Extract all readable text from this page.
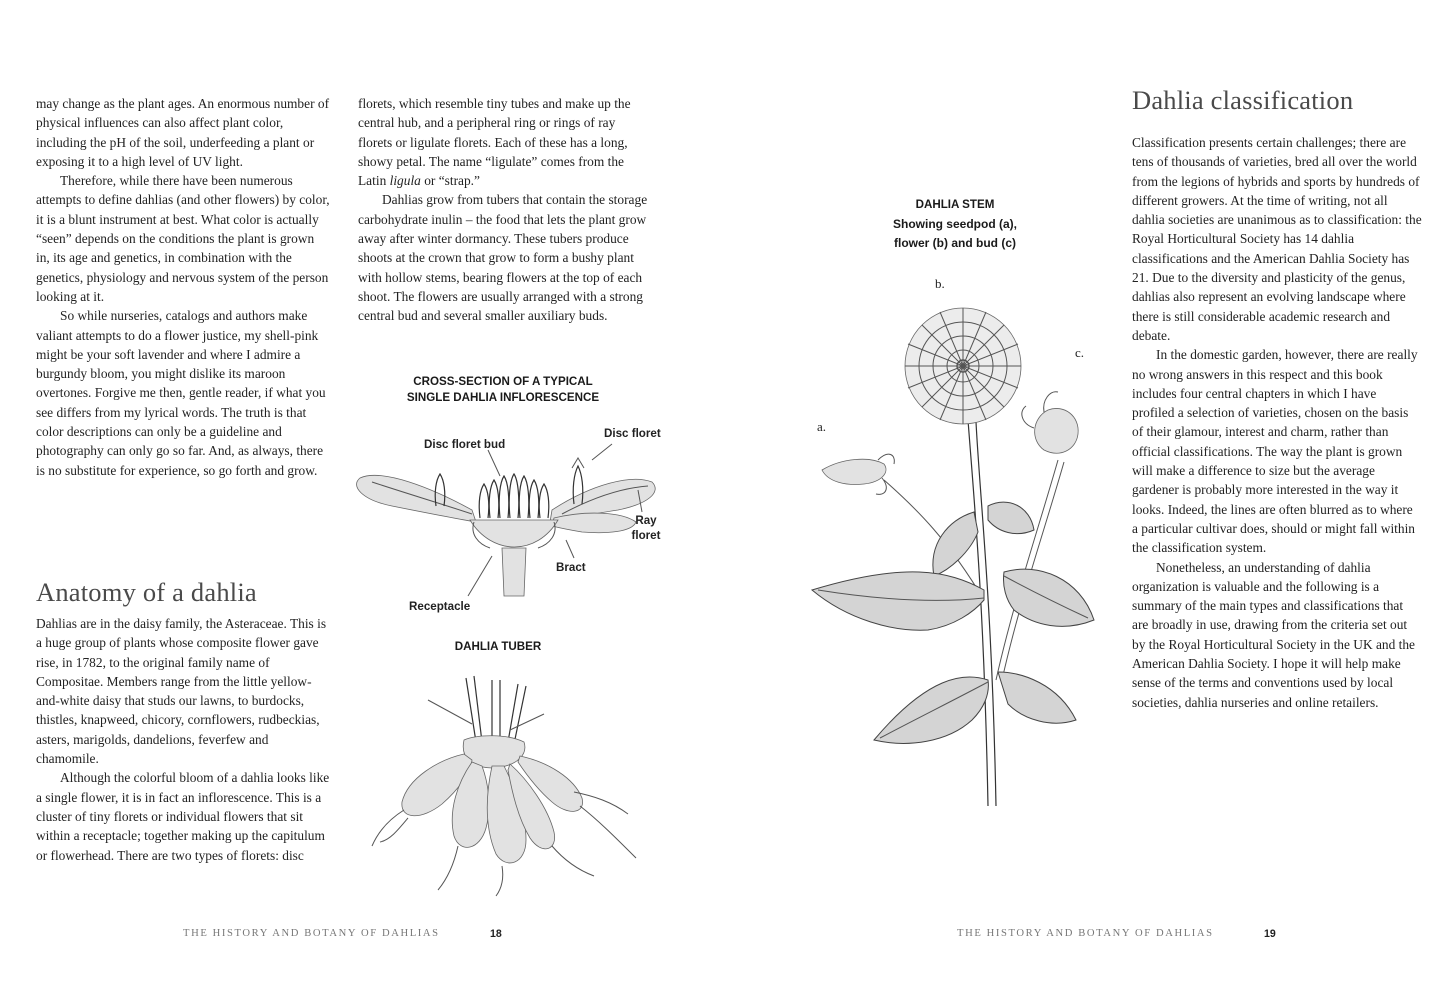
may change as the plant ages. An enormous number of physical influences can also affect plant color, including the pH of the soil, underfeeding a plant or exposing it to a high level of UV light.

Therefore, while there have been numerous attempts to define dahlias (and other flowers) by color, it is a blunt instrument at best. What color is actually “seen” depends on the conditions the plant is grown in, its age and genetics, in combination with the genetics, physiology and nervous system of the person looking at it.

So while nurseries, catalogs and authors make valiant attempts to do a flower justice, my shell-pink might be your soft lavender and where I admire a burgundy bloom, you might dislike its maroon overtones. Forgive me then, gentle reader, if what you see differs from my lyrical words. The truth is that color descriptions can only be a guideline and photography can only go so far. And, as always, there is no substitute for experience, so go forth and grow.

Anatomy of a dahlia

Dahlias are in the daisy family, the Asteraceae. This is a huge group of plants whose composite flower gave rise, in 1782, to the original family name of Compositae. Members range from the little yellow-and-white daisy that studs our lawns, to burdocks, thistles, knapweed, chicory, cornflowers, rudbeckias, asters, marigolds, dandelions, feverfew and chamomile.

Although the colorful bloom of a dahlia looks like a single flower, it is in fact an inflorescence. This is a cluster of tiny florets or individual flowers that sit within a receptacle; together making up the capitulum or flowerhead. There are two types of florets: disc

florets, which resemble tiny tubes and make up the central hub, and a peripheral ring or rings of ray florets or ligulate florets. Each of these has a long, showy petal. The name “ligulate” comes from the Latin ligula or “strap.”

Dahlias grow from tubers that contain the storage carbohydrate inulin – the food that lets the plant grow away after winter dormancy. These tubers produce shoots at the crown that grow to form a bushy plant with hollow stems, bearing flowers at the top of each shoot. The flowers are usually arranged with a strong central bud and several smaller auxiliary buds.

CROSS-SECTION OF A TYPICAL
SINGLE DAHLIA INFLORESCENCE
Disc floret bud
Disc floret
Ray
floret
Bract
Receptacle
DAHLIA TUBER
THE HISTORY AND BOTANY OF DAHLIAS	18
DAHLIA STEM
Showing seedpod (a),
flower (b) and bud (c)
b.
c.
a.
Dahlia classification

Classification presents certain challenges; there are tens of thousands of varieties, bred all over the world from the legions of hybrids and sports by hundreds of different growers. At the time of writing, not all dahlia societies are unanimous as to classification: the Royal Horticultural Society has 14 dahlia classifications and the American Dahlia Society has 21. Due to the diversity and plasticity of the genus, dahlias also represent an evolving landscape where there is still considerable academic research and debate.

In the domestic garden, however, there are really no wrong answers in this respect and this book includes four central chapters in which I have profiled a selection of varieties, chosen on the basis of their glamour, interest and charm, rather than official classifications. The way the plant is grown will make a difference to size but the average gardener is probably more interested in the way it looks. Indeed, the lines are often blurred as to where a particular cultivar does, should or might fall within the classification system.

Nonetheless, an understanding of dahlia organization is valuable and the following is a summary of the main types and classifications that are broadly in use, drawing from the criteria set out by the Royal Horticultural Society in the UK and the American Dahlia Society. I hope it will help make sense of the terms and conventions used by local societies, dahlia nurseries and online retailers.

THE HISTORY AND BOTANY OF DAHLIAS	19
